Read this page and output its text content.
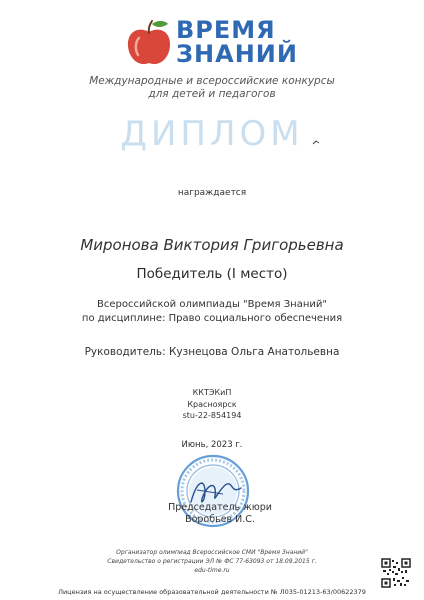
ВРЕМЯ
ЗНАНИЙ
Международные и всероссийские конкурсы
для детей и педагогов
ДИПЛОМ
награждается
Миронова Виктория Григорьевна
Победитель (I место)
Всероссийской олимпиады "Время Знаний"
по дисциплине: Право социального обеспечения
Руководитель: Кузнецова Ольга Анатольевна
ККТЭКиП
Красноярск
stu-22-854194
Июнь, 2023 г.
Председатель жюри
Воробьев И.С.
Организатор олимпиад Всероссийское СМИ "Время Знаний"
Свидетельство о регистрации ЭЛ № ФС 77-63093 от 18.09.2015 г.
edu-time.ru
Лицензия на осуществление образовательной деятельности № Л035-01213-63/00622379
